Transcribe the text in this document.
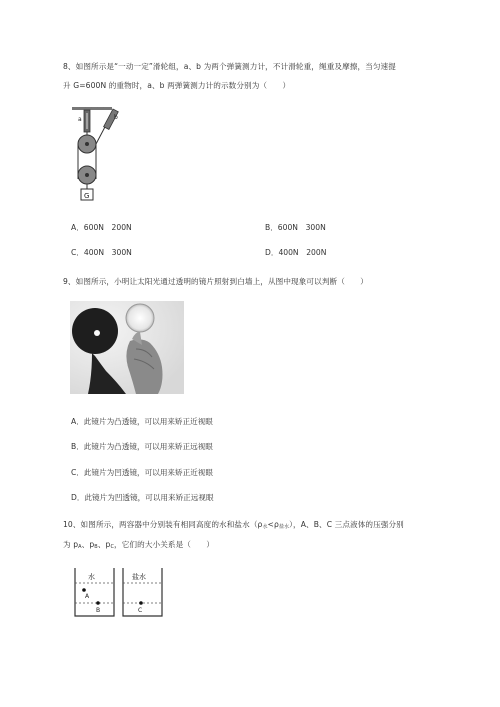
8、如图所示是“一动一定”滑轮组，a、b 为两个弹簧测力计，不计滑轮重，绳重及摩擦，当匀速提
升 G=600N 的重物时，a、b 两弹簧测力计的示数分别为（　　）
a	b
G
A．600N　200N	B．600N　300N
C．400N　300N	D．400N　200N
9、如图所示，小明让太阳光通过透明的镜片照射到白墙上，从图中现象可以判断（　　）
A．此镜片为凸透镜，可以用来矫正近视眼
B．此镜片为凸透镜，可以用来矫正远视眼
C．此镜片为凹透镜，可以用来矫正近视眼
D．此镜片为凹透镜，可以用来矫正远视眼
10、如图所示，两容器中分别装有相同高度的水和盐水$(\rho_水<\rho_{盐水})$，A、B、C 三点液体的压强分别
为 $p_A$、$p_B$、$p_C$，它们的大小关系是（　　）
水
A
B
盐水
C
